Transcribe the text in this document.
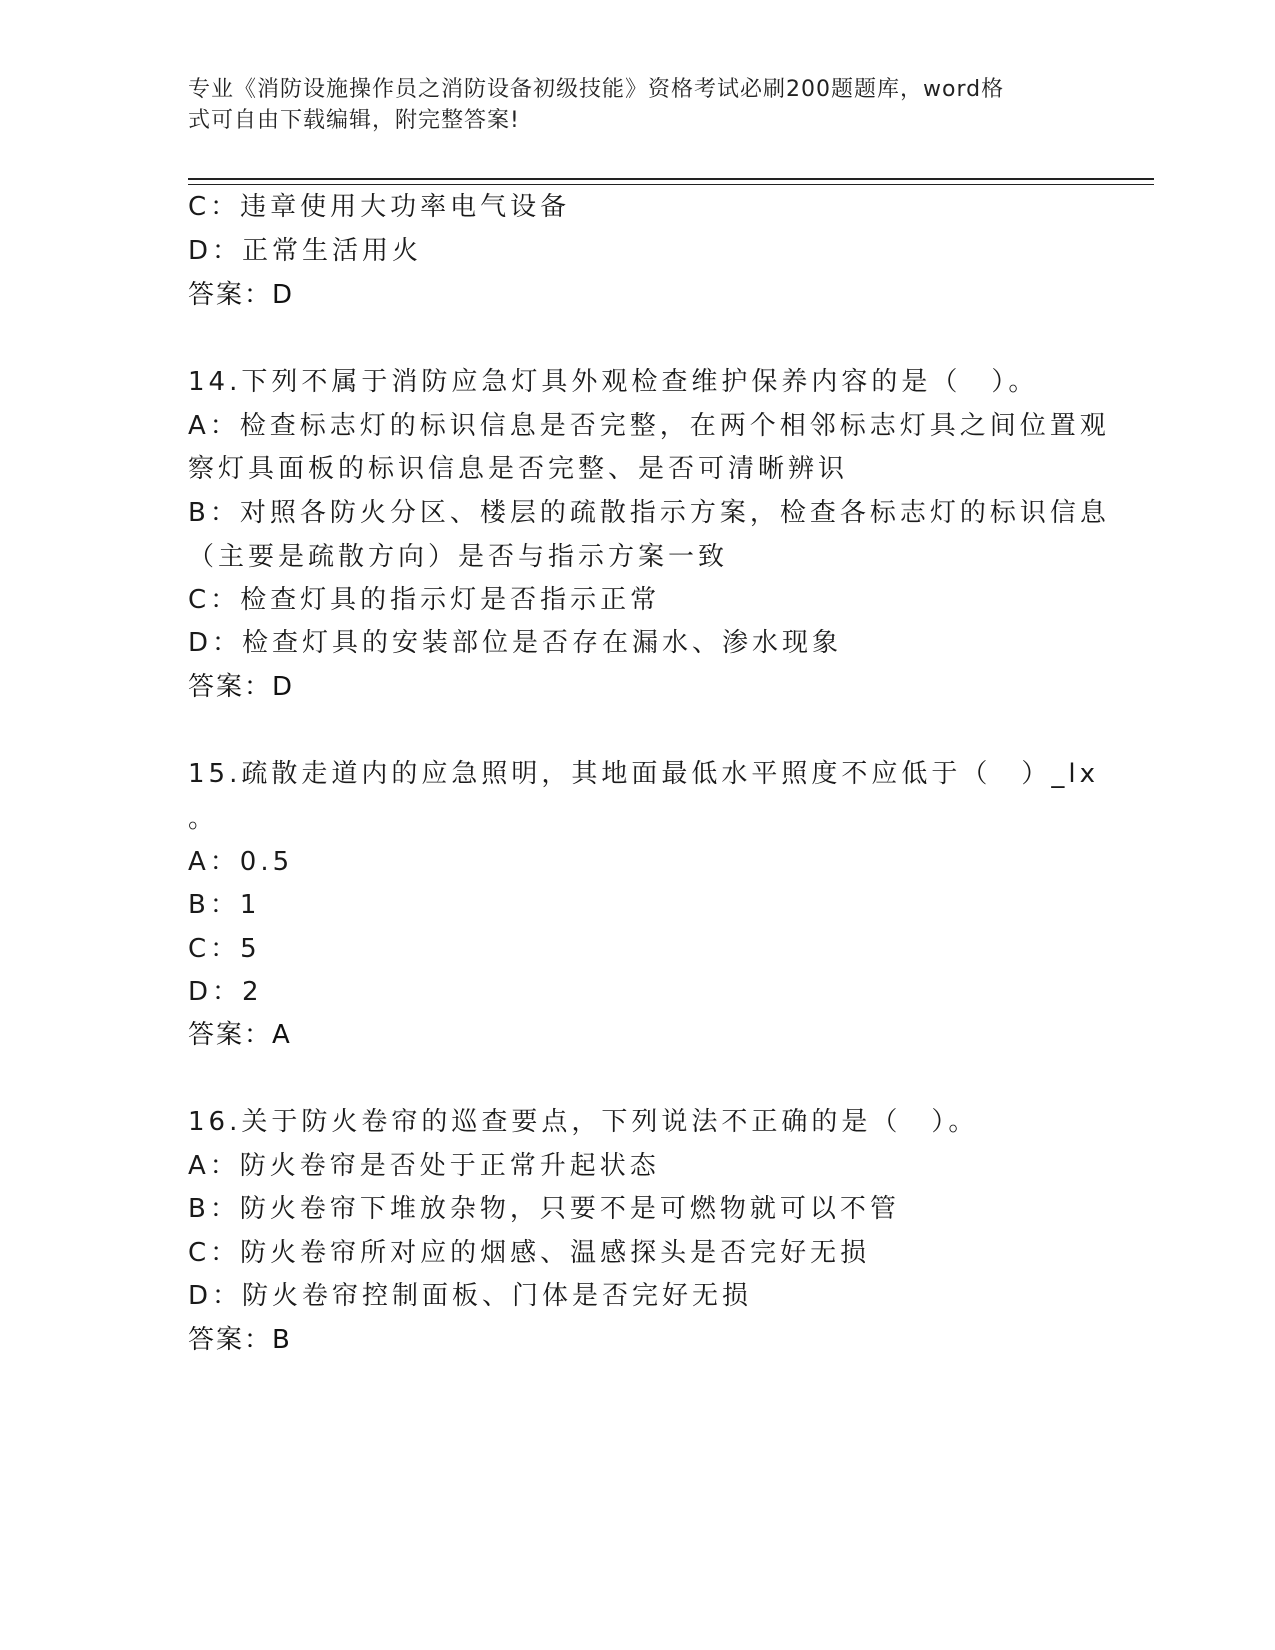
专业《消防设施操作员之消防设备初级技能》资格考试必刷200题题库，word格
式可自由下载编辑，附完整答案!
C：违章使用大功率电气设备
D：正常生活用火
答案：D
14.下列不属于消防应急灯具外观检查维护保养内容的是（　）。
A：检查标志灯的标识信息是否完整，在两个相邻标志灯具之间位置观
察灯具面板的标识信息是否完整、是否可清晰辨识
B：对照各防火分区、楼层的疏散指示方案，检查各标志灯的标识信息
（主要是疏散方向）是否与指示方案一致
C：检查灯具的指示灯是否指示正常
D：检查灯具的安装部位是否存在漏水、渗水现象
答案：D
15.疏散走道内的应急照明，其地面最低水平照度不应低于（　）_lx
。
A：0.5
B：1
C：5
D：2
答案：A
16.关于防火卷帘的巡查要点，下列说法不正确的是（　）。
A：防火卷帘是否处于正常升起状态
B：防火卷帘下堆放杂物，只要不是可燃物就可以不管
C：防火卷帘所对应的烟感、温感探头是否完好无损
D：防火卷帘控制面板、门体是否完好无损
答案：B
